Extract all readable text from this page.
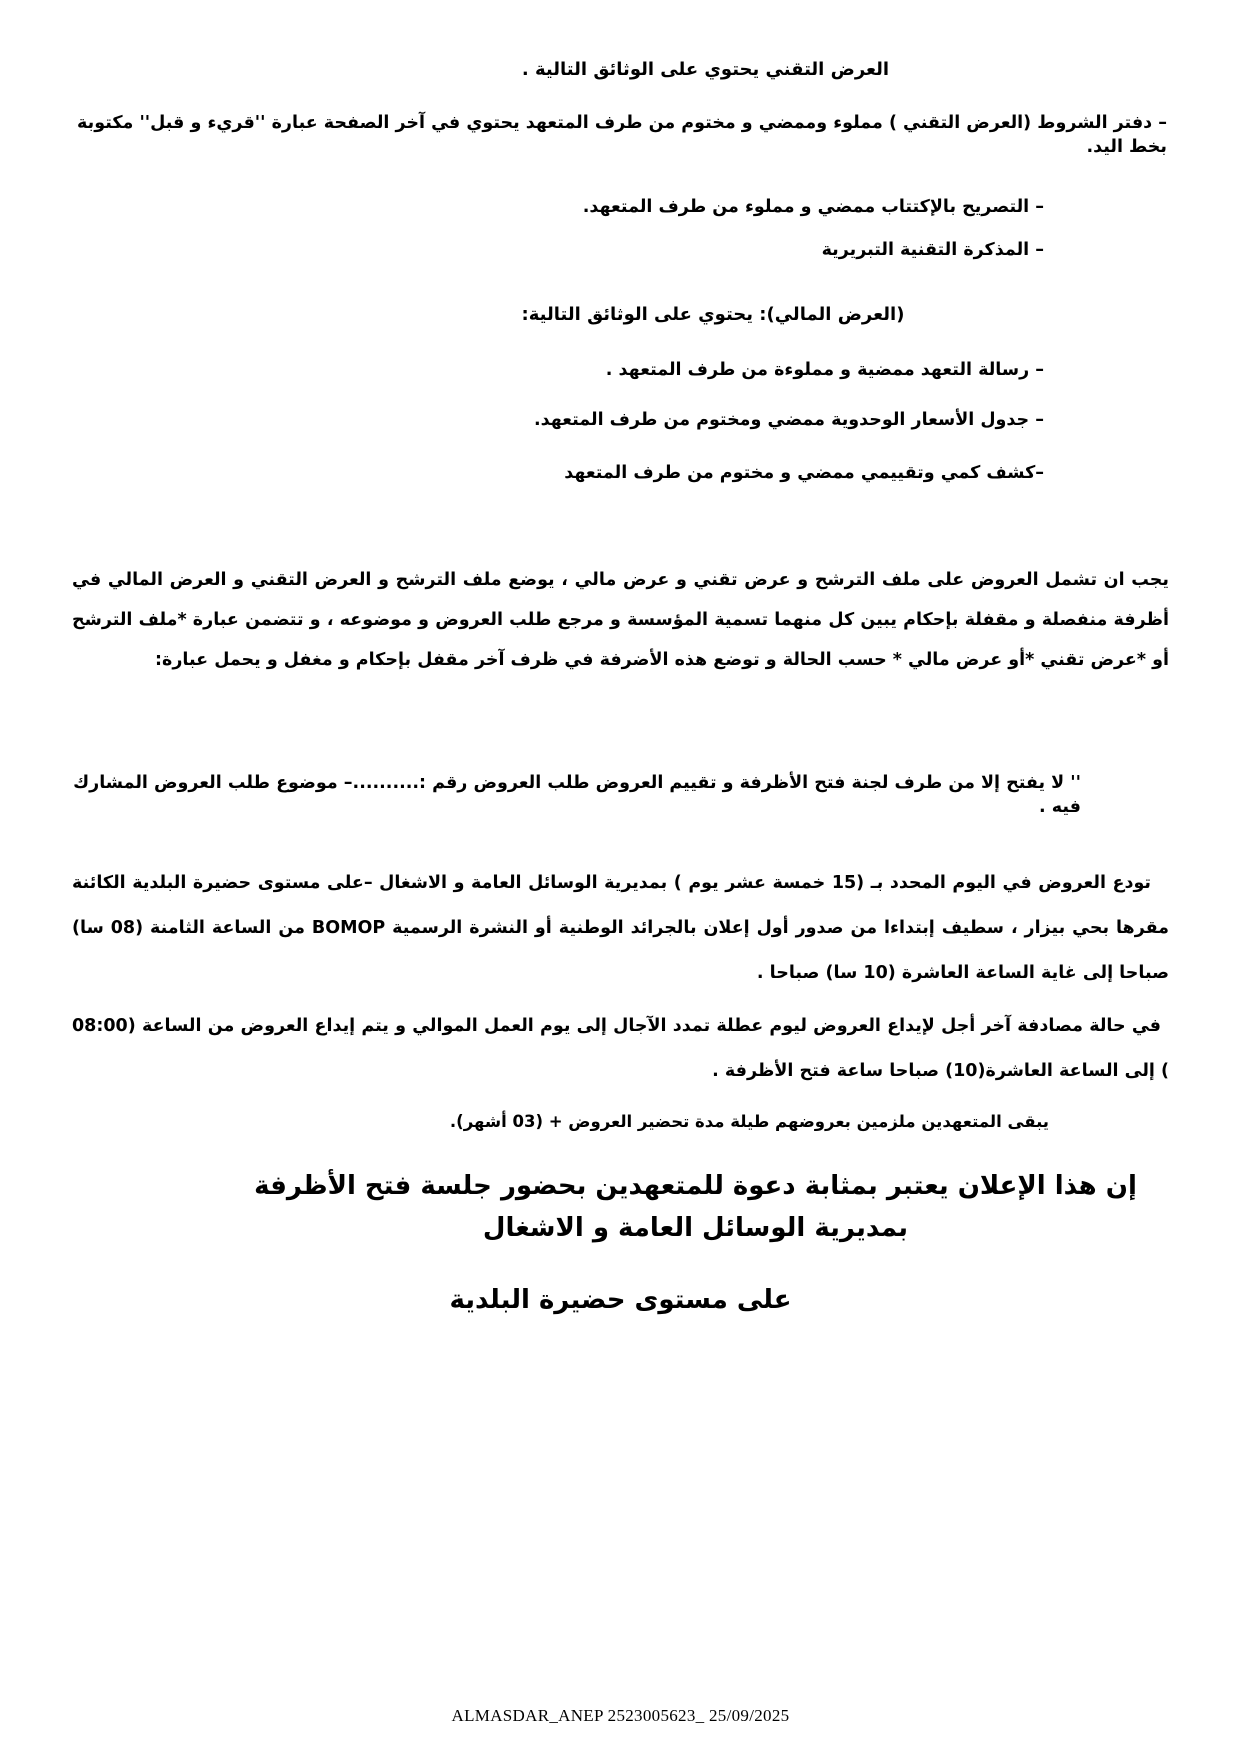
العرض التقني يحتوي على الوثائق التالية .

– دفتر الشروط (العرض التقني ) مملوء وممضي و مختوم من طرف المتعهد يحتوي في آخر الصفحة عبارة ''قريء و قبل'' مكتوبة بخط اليد.

– التصريح بالإكتتاب ممضي و مملوء من طرف المتعهد.

– المذكرة التقنية التبريرية

(العرض المالي): يحتوي على الوثائق التالية:

– رسالة التعهد ممضية و مملوءة من طرف المتعهد .

– جدول الأسعار الوحدوية ممضي ومختوم من طرف المتعهد.

–كشف كمي وتقييمي ممضي و مختوم من طرف المتعهد

يجب ان تشمل العروض على ملف الترشح و عرض تقني و عرض مالي ، يوضع ملف الترشح و العرض التقني و العرض المالي في أظرفة منفصلة و مقفلة بإحكام يبين كل منهما تسمية المؤسسة و مرجع طلب العروض و موضوعه ، و تتضمن عبارة *ملف الترشح أو *عرض تقني *أو عرض مالي * حسب الحالة و توضع هذه الأضرفة في ظرف آخر مقفل بإحكام و مغفل و يحمل عبارة:

'' لا يفتح إلا من طرف لجنة فتح الأظرفة و تقييم العروض طلب العروض رقم :..........– موضوع طلب العروض المشارك فيه .

تودع العروض في اليوم المحدد بـ (15 خمسة عشر يوم ) بمديرية الوسائل العامة و الاشغال –على مستوى حضيرة البلدية الكائنة مقرها بحي بيزار ، سطيف إبتداءا من صدور أول إعلان بالجرائد الوطنية أو النشرة الرسمية BOMOP من الساعة الثامنة (08 سا) صباحا إلى غاية الساعة العاشرة (10 سا) صباحا .

في حالة مصادفة آخر أجل لإيداع العروض ليوم عطلة تمدد الآجال إلى يوم العمل الموالي و يتم إيداع العروض من الساعة (08:00 ) إلى الساعة العاشرة(10) صباحا ساعة فتح الأظرفة .

يبقى المتعهدين ملزمين بعروضهم طيلة مدة تحضير العروض + (03 أشهر).

إن هذا الإعلان يعتبر بمثابة دعوة للمتعهدين بحضور جلسة فتح الأظرفة بمديرية الوسائل العامة و الاشغال

على مستوى حضيرة البلدية

ALMASDAR_ANEP 2523005623_ 25/09/2025
